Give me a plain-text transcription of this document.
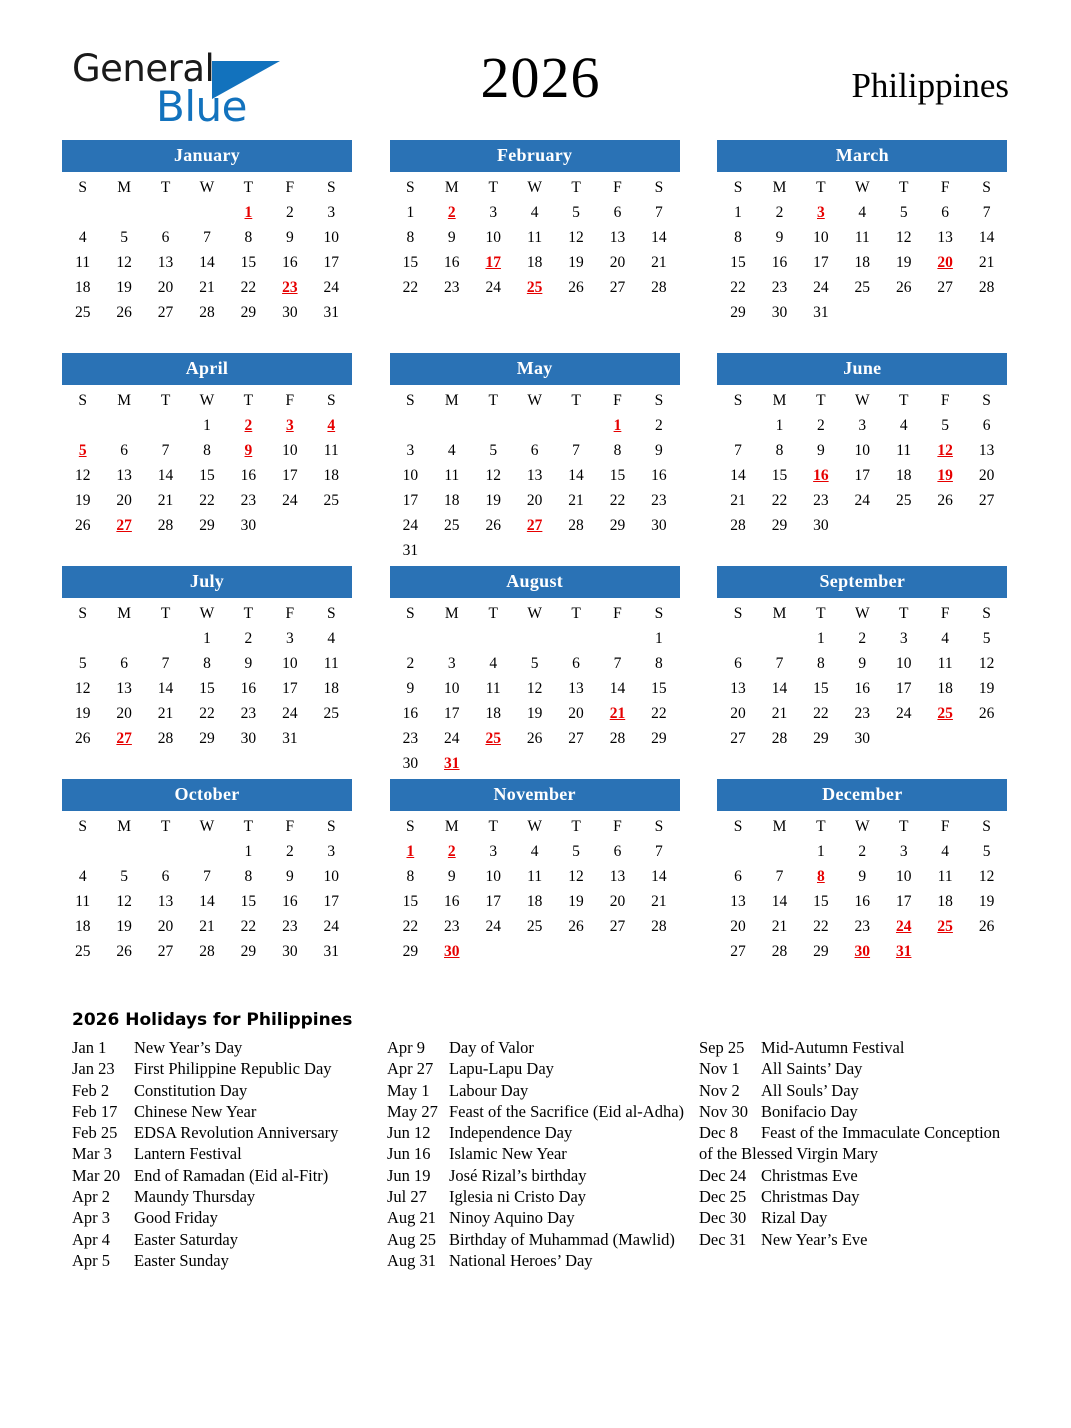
General
Blue	2026	Philippines
January
S	M	T	W	T	F	S
				1	2	3
4	5	6	7	8	9	10
11	12	13	14	15	16	17
18	19	20	21	22	23	24
25	26	27	28	29	30	31

February
S	M	T	W	T	F	S
1	2	3	4	5	6	7
8	9	10	11	12	13	14
15	16	17	18	19	20	21
22	23	24	25	26	27	28

March
S	M	T	W	T	F	S
1	2	3	4	5	6	7
8	9	10	11	12	13	14
15	16	17	18	19	20	21
22	23	24	25	26	27	28
29	30	31				

April
S	M	T	W	T	F	S
			1	2	3	4
5	6	7	8	9	10	11
12	13	14	15	16	17	18
19	20	21	22	23	24	25
26	27	28	29	30		

May
S	M	T	W	T	F	S
					1	2
3	4	5	6	7	8	9
10	11	12	13	14	15	16
17	18	19	20	21	22	23
24	25	26	27	28	29	30
31						
June
S	M	T	W	T	F	S
	1	2	3	4	5	6
7	8	9	10	11	12	13
14	15	16	17	18	19	20
21	22	23	24	25	26	27
28	29	30				

July
S	M	T	W	T	F	S
			1	2	3	4
5	6	7	8	9	10	11
12	13	14	15	16	17	18
19	20	21	22	23	24	25
26	27	28	29	30	31	

August
S	M	T	W	T	F	S
						1
2	3	4	5	6	7	8
9	10	11	12	13	14	15
16	17	18	19	20	21	22
23	24	25	26	27	28	29
30	31					
September
S	M	T	W	T	F	S
		1	2	3	4	5
6	7	8	9	10	11	12
13	14	15	16	17	18	19
20	21	22	23	24	25	26
27	28	29	30			

October
S	M	T	W	T	F	S
				1	2	3
4	5	6	7	8	9	10
11	12	13	14	15	16	17
18	19	20	21	22	23	24
25	26	27	28	29	30	31

November
S	M	T	W	T	F	S
1	2	3	4	5	6	7
8	9	10	11	12	13	14
15	16	17	18	19	20	21
22	23	24	25	26	27	28
29	30					

December
S	M	T	W	T	F	S
		1	2	3	4	5
6	7	8	9	10	11	12
13	14	15	16	17	18	19
20	21	22	23	24	25	26
27	28	29	30	31		

2026 Holidays for Philippines
Jan 1 New Year’s Day
Jan 23 First Philippine Republic Day
Feb 2 Constitution Day
Feb 17 Chinese New Year
Feb 25 EDSA Revolution Anniversary
Mar 3 Lantern Festival
Mar 20 End of Ramadan (Eid al-Fitr)
Apr 2 Maundy Thursday
Apr 3 Good Friday
Apr 4 Easter Saturday
Apr 5 Easter Sunday
Apr 9 Day of Valor
Apr 27 Lapu-Lapu Day
May 1 Labour Day
May 27 Feast of the Sacrifice (Eid al-Adha)
Jun 12 Independence Day
Jun 16 Islamic New Year
Jun 19 José Rizal’s birthday
Jul 27 Iglesia ni Cristo Day
Aug 21 Ninoy Aquino Day
Aug 25 Birthday of Muhammad (Mawlid)
Aug 31 National Heroes’ Day
Sep 25 Mid-Autumn Festival
Nov 1 All Saints’ Day
Nov 2 All Souls’ Day
Nov 30 Bonifacio Day
Dec 8 Feast of the Immaculate Conception of the Blessed Virgin Mary
Dec 24 Christmas Eve
Dec 25 Christmas Day
Dec 30 Rizal Day
Dec 31 New Year’s Eve
